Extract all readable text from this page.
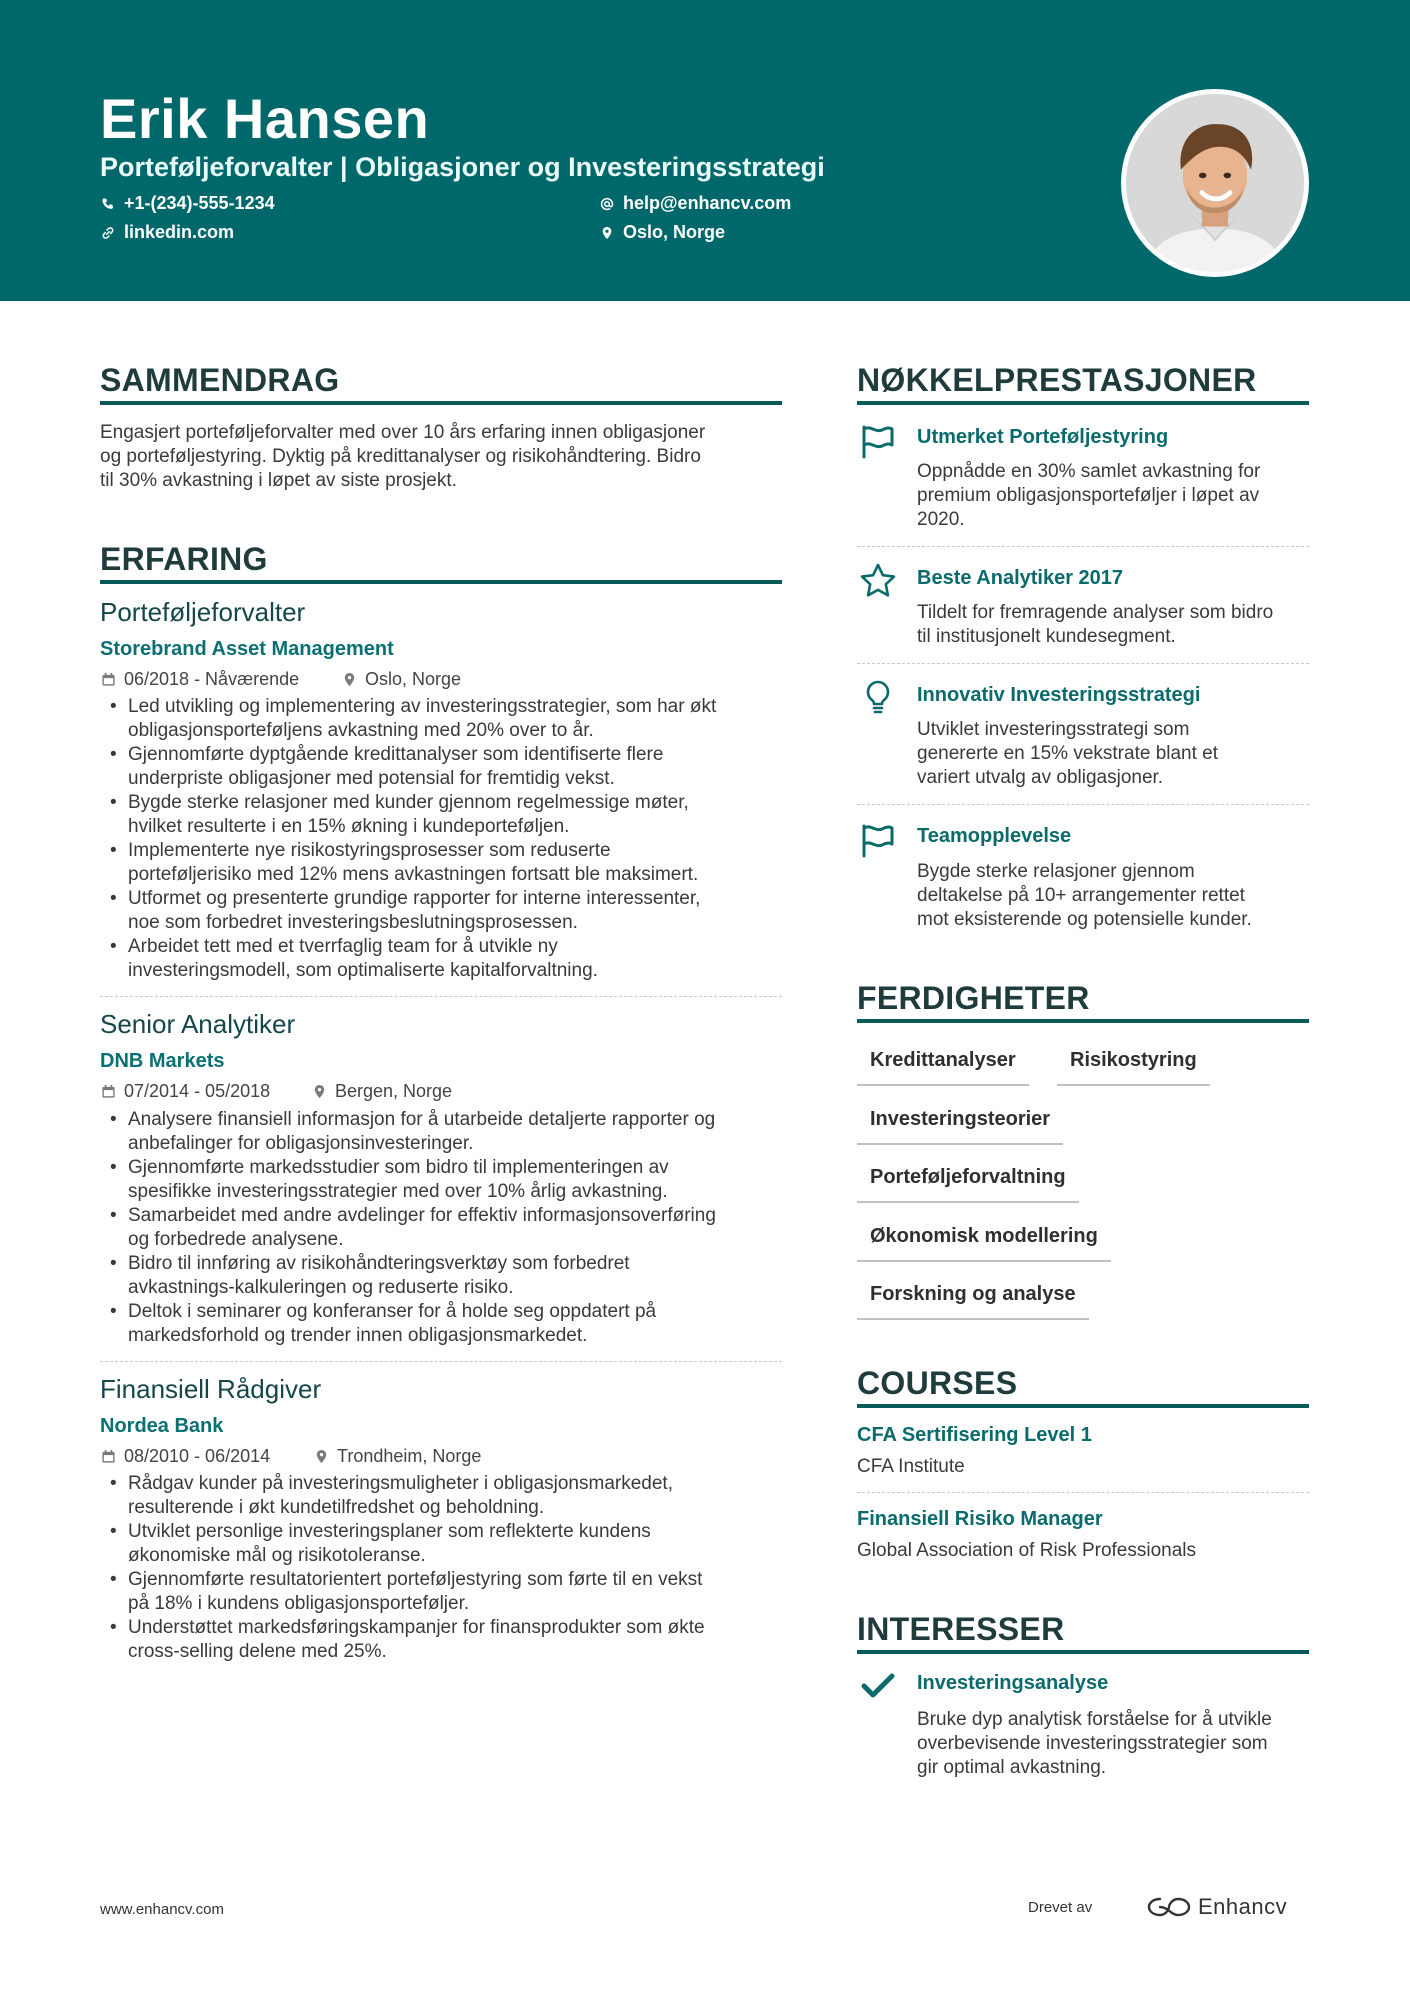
Erik Hansen
Porteføljeforvalter | Obligasjoner og Investeringsstrategi
+1-(234)-555-1234
linkedin.com
help@enhancv.com
Oslo, Norge
SAMMENDRAG
Engasjert porteføljeforvalter med over 10 års erfaring innen obligasjoner
og porteføljestyring. Dyktig på kredittanalyser og risikohåndtering. Bidro
til 30% avkastning i løpet av siste prosjekt.
ERFARING
Porteføljeforvalter
Storebrand Asset Management
06/2018 - Nåværende	Oslo, Norge
• Led utvikling og implementering av investeringsstrategier, som har økt
obligasjonsporteføljens avkastning med 20% over to år.
• Gjennomførte dyptgående kredittanalyser som identifiserte flere
underpriste obligasjoner med potensial for fremtidig vekst.
• Bygde sterke relasjoner med kunder gjennom regelmessige møter,
hvilket resulterte i en 15% økning i kundeporteføljen.
• Implementerte nye risikostyringsprosesser som reduserte
porteføljerisiko med 12% mens avkastningen fortsatt ble maksimert.
• Utformet og presenterte grundige rapporter for interne interessenter,
noe som forbedret investeringsbeslutningsprosessen.
• Arbeidet tett med et tverrfaglig team for å utvikle ny
investeringsmodell, som optimaliserte kapitalforvaltning.
Senior Analytiker
DNB Markets
07/2014 - 05/2018	Bergen, Norge
• Analysere finansiell informasjon for å utarbeide detaljerte rapporter og
anbefalinger for obligasjonsinvesteringer.
• Gjennomførte markedsstudier som bidro til implementeringen av
spesifikke investeringsstrategier med over 10% årlig avkastning.
• Samarbeidet med andre avdelinger for effektiv informasjonsoverføring
og forbedrede analysene.
• Bidro til innføring av risikohåndteringsverktøy som forbedret
avkastnings-kalkuleringen og reduserte risiko.
• Deltok i seminarer og konferanser for å holde seg oppdatert på
markedsforhold og trender innen obligasjonsmarkedet.
Finansiell Rådgiver
Nordea Bank
08/2010 - 06/2014	Trondheim, Norge
• Rådgav kunder på investeringsmuligheter i obligasjonsmarkedet,
resulterende i økt kundetilfredshet og beholdning.
• Utviklet personlige investeringsplaner som reflekterte kundens
økonomiske mål og risikotoleranse.
• Gjennomførte resultatorientert porteføljestyring som førte til en vekst
på 18% i kundens obligasjonsporteføljer.
• Understøttet markedsføringskampanjer for finansprodukter som økte
cross-selling delene med 25%.
NØKKELPRESTASJONER
Utmerket Porteføljestyring
Oppnådde en 30% samlet avkastning for
premium obligasjonsporteføljer i løpet av
2020.
Beste Analytiker 2017
Tildelt for fremragende analyser som bidro
til institusjonelt kundesegment.
Innovativ Investeringsstrategi
Utviklet investeringsstrategi som
genererte en 15% vekstrate blant et
variert utvalg av obligasjoner.
Teamopplevelse
Bygde sterke relasjoner gjennom
deltakelse på 10+ arrangementer rettet
mot eksisterende og potensielle kunder.
FERDIGHETER
Kredittanalyser	Risikostyring
Investeringsteorier
Porteføljeforvaltning
Økonomisk modellering
Forskning og analyse
COURSES
CFA Sertifisering Level 1
CFA Institute
Finansiell Risiko Manager
Global Association of Risk Professionals
INTERESSER
Investeringsanalyse
Bruke dyp analytisk forståelse for å utvikle
overbevisende investeringsstrategier som
gir optimal avkastning.
www.enhancv.com	Drevet av	Enhancv
